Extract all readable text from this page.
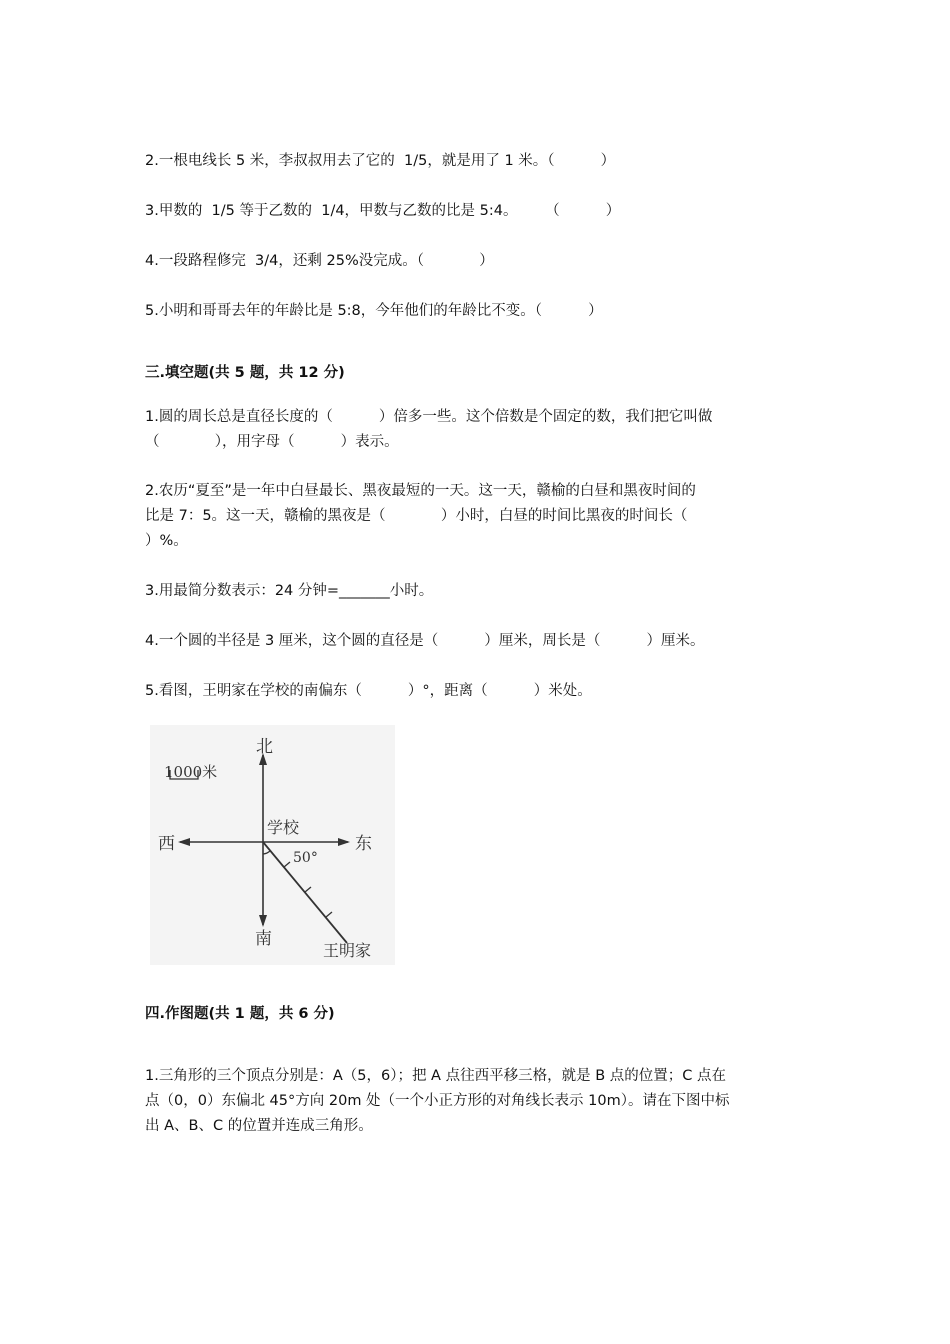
2.一根电线长 5 米，李叔叔用去了它的  1/5，就是用了 1 米。（          ）
3.甲数的  1/5 等于乙数的  1/4，甲数与乙数的比是 5:4。      （          ）
4.一段路程修完  3/4，还剩 25%没完成。（            ）
5.小明和哥哥去年的年龄比是 5:8，今年他们的年龄比不变。（          ）
三.填空题(共 5 题，共 12 分)
1.圆的周长总是直径长度的（          ）倍多一些。这个倍数是个固定的数，我们把它叫做
（            ），用字母（          ）表示。
2.农历“夏至”是一年中白昼最长、黑夜最短的一天。这一天，赣榆的白昼和黑夜时间的
比是 7：5。这一天，赣榆的黑夜是（            ）小时，白昼的时间比黑夜的时间长（
）%。
3.用最简分数表示：24 分钟=_______小时。
4.一个圆的半径是 3 厘米，这个圆的直径是（          ）厘米，周长是（          ）厘米。
5.看图，王明家在学校的南偏东（          ）°，距离（          ）米处。
北
南
东
西
1000米
学校
50°
王明家
四.作图题(共 1 题，共 6 分)
1.三角形的三个顶点分别是：A（5，6）；把 A 点往西平移三格，就是 B 点的位置；C 点在
点（0，0）东偏北 45°方向 20m 处（一个小正方形的对角线长表示 10m）。请在下图中标
出 A、B、C 的位置并连成三角形。
